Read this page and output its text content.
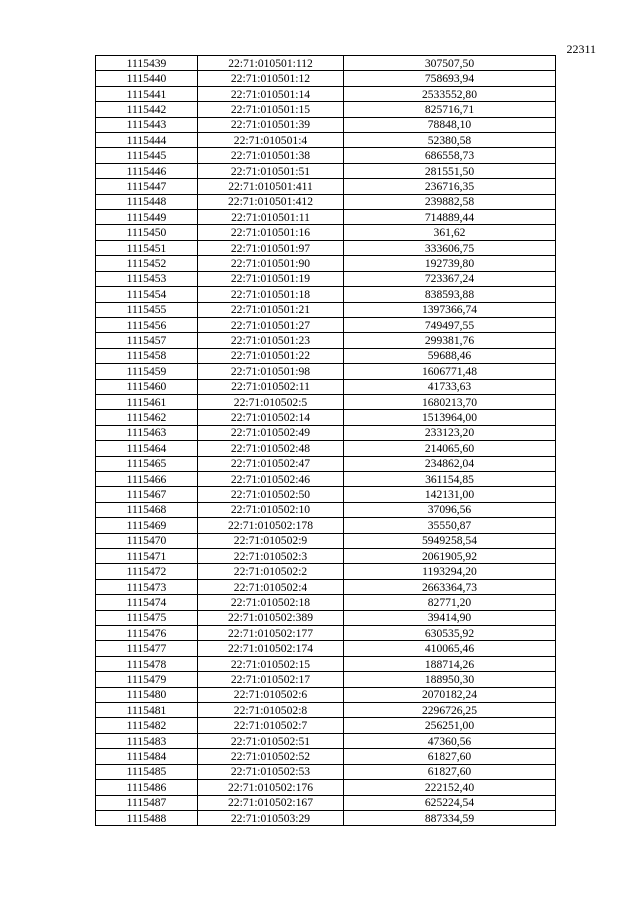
22311
1115439	22:71:010501:112	307507,50
1115440	22:71:010501:12	758693,94
1115441	22:71:010501:14	2533552,80
1115442	22:71:010501:15	825716,71
1115443	22:71:010501:39	78848,10
1115444	22:71:010501:4	52380,58
1115445	22:71:010501:38	686558,73
1115446	22:71:010501:51	281551,50
1115447	22:71:010501:411	236716,35
1115448	22:71:010501:412	239882,58
1115449	22:71:010501:11	714889,44
1115450	22:71:010501:16	361,62
1115451	22:71:010501:97	333606,75
1115452	22:71:010501:90	192739,80
1115453	22:71:010501:19	723367,24
1115454	22:71:010501:18	838593,88
1115455	22:71:010501:21	1397366,74
1115456	22:71:010501:27	749497,55
1115457	22:71:010501:23	299381,76
1115458	22:71:010501:22	59688,46
1115459	22:71:010501:98	1606771,48
1115460	22:71:010502:11	41733,63
1115461	22:71:010502:5	1680213,70
1115462	22:71:010502:14	1513964,00
1115463	22:71:010502:49	233123,20
1115464	22:71:010502:48	214065,60
1115465	22:71:010502:47	234862,04
1115466	22:71:010502:46	361154,85
1115467	22:71:010502:50	142131,00
1115468	22:71:010502:10	37096,56
1115469	22:71:010502:178	35550,87
1115470	22:71:010502:9	5949258,54
1115471	22:71:010502:3	2061905,92
1115472	22:71:010502:2	1193294,20
1115473	22:71:010502:4	2663364,73
1115474	22:71:010502:18	82771,20
1115475	22:71:010502:389	39414,90
1115476	22:71:010502:177	630535,92
1115477	22:71:010502:174	410065,46
1115478	22:71:010502:15	188714,26
1115479	22:71:010502:17	188950,30
1115480	22:71:010502:6	2070182,24
1115481	22:71:010502:8	2296726,25
1115482	22:71:010502:7	256251,00
1115483	22:71:010502:51	47360,56
1115484	22:71:010502:52	61827,60
1115485	22:71:010502:53	61827,60
1115486	22:71:010502:176	222152,40
1115487	22:71:010502:167	625224,54
1115488	22:71:010503:29	887334,59
